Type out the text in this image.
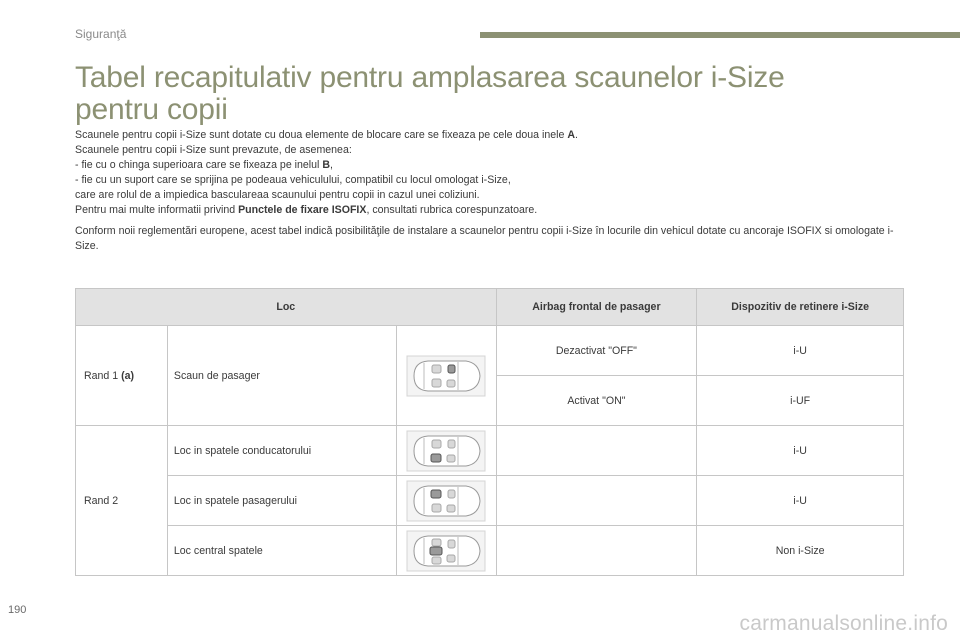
Siguranţă
Tabel recapitulativ pentru amplasarea scaunelor i-Size
pentru copii

Scaunele pentru copii i-Size sunt dotate cu doua elemente de blocare care se fixeaza pe cele doua inele A.

Scaunele pentru copii i-Size sunt prevazute, de asemenea:

- fie cu o chinga superioara care se fixeaza pe inelul B,

- fie cu un suport care se sprijina pe podeaua vehiculului, compatibil cu locul omologat i-Size,

care are rolul de a impiedica basculareaa scaunului pentru copii in cazul unei coliziuni.

Pentru mai multe informatii privind Punctele de fixare ISOFIX, consultati rubrica corespunzatoare.

Conform noii reglementări europene, acest tabel indică posibilităţile de instalare a scaunelor pentru copii i-Size în locurile din vehicul dotate cu ancoraje ISOFIX si omologate i-Size.

Loc			Airbag frontal de pasager	Dispozitiv de retinere i-Size
Rand 1 (a)	Scaun de pasager		Dezactivat "OFF"	i-U
			Activat "ON"	i-UF
Rand 2	Loc in spatele conducatorului			i-U
	Loc in spatele pasagerului			i-U
	Loc central spatele			Non i-Size
190
carmanualsonline.info
